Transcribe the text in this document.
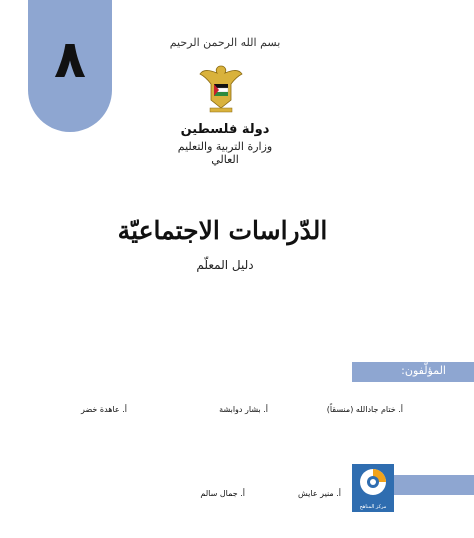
٨	بسم الله الرحمن الرحيم
دولة فلسطين
وزارة التربية والتعليم العالي
الدّراسات الاجتماعيّة
دليل المعلّم
المؤلّفون:
أ. ختام جادالله (منسقاً)
أ. بشار دوابشة
أ. عاهدة خضر
أ. منير عايش
أ. جمال سالم
مركز المناهج
